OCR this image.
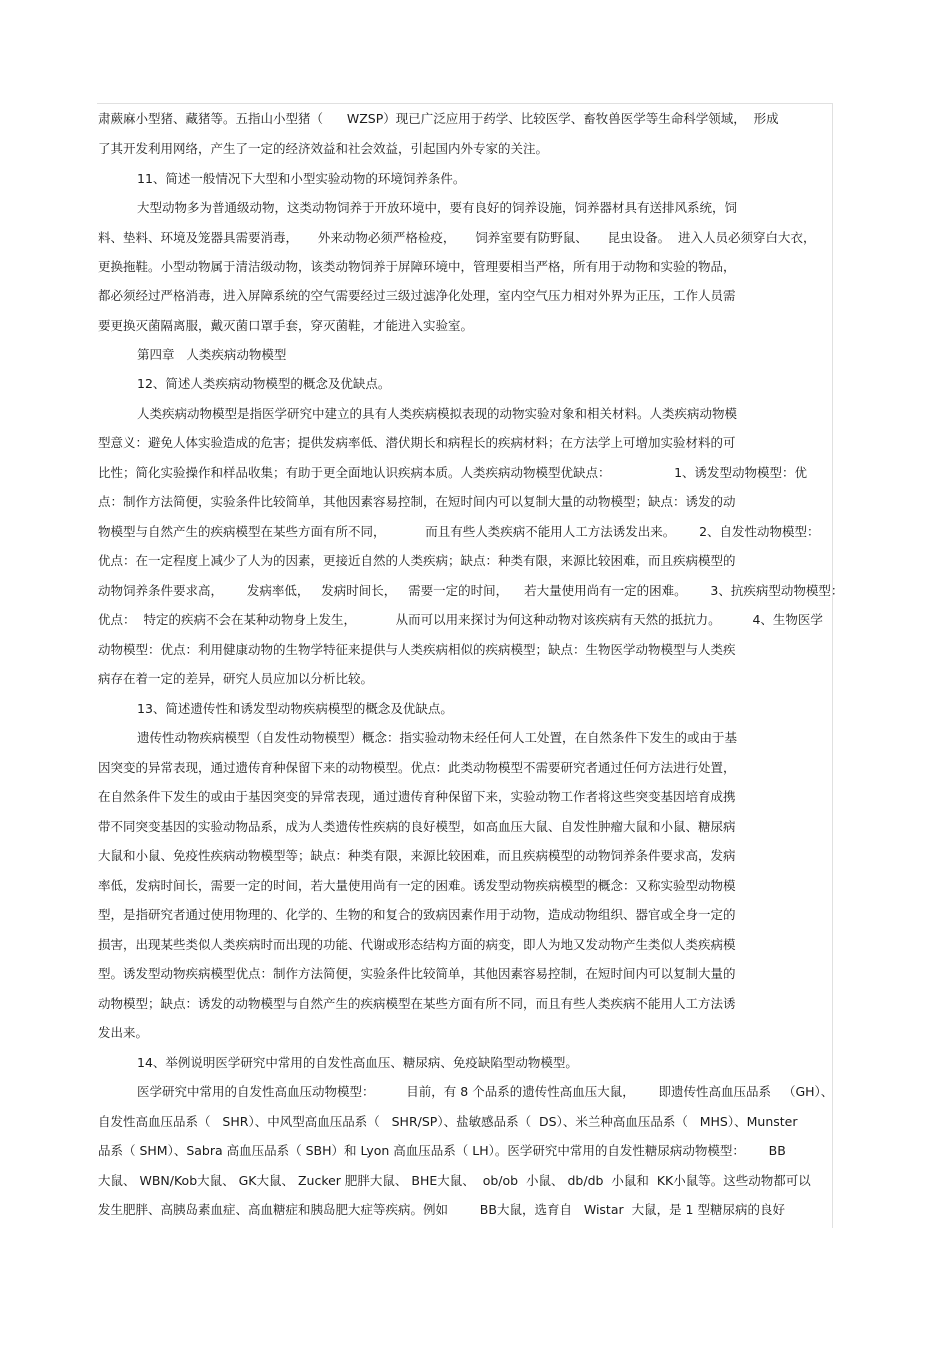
肃蕨麻小型猪、藏猪等。五指山小型猪（      WZSP）现已广泛应用于药学、比较医学、畜牧兽医学等生命科学领域，  形成
了其开发利用网络，产生了一定的经济效益和社会效益，引起国内外专家的关注。
11、简述一般情况下大型和小型实验动物的环境饲养条件。
大型动物多为普通级动物，这类动物饲养于开放环境中，要有良好的饲养设施，饲养器材具有送排风系统，饲
料、垫料、环境及笼器具需要消毒，     外来动物必须严格检疫，     饲养室要有防野鼠、     昆虫设备。  进入人员必须穿白大衣，
更换拖鞋。小型动物属于清洁级动物，该类动物饲养于屏障环境中，管理要相当严格，所有用于动物和实验的物品，
都必须经过严格消毒，进入屏障系统的空气需要经过三级过滤净化处理，室内空气压力相对外界为正压，工作人员需
要更换灭菌隔离服，戴灭菌口罩手套，穿灭菌鞋，才能进入实验室。
第四章   人类疾病动物模型
12、简述人类疾病动物模型的概念及优缺点。
人类疾病动物模型是指医学研究中建立的具有人类疾病模拟表现的动物实验对象和相关材料。人类疾病动物模
型意义：避免人体实验造成的危害；提供发病率低、潜伏期长和病程长的疾病材料；在方法学上可增加实验材料的可
比性；简化实验操作和样品收集；有助于更全面地认识疾病本质。人类疾病动物模型优缺点：                1、诱发型动物模型：优
点：制作方法简便，实验条件比较简单，其他因素容易控制，在短时间内可以复制大量的动物模型；缺点：诱发的动
物模型与自然产生的疾病模型在某些方面有所不同，          而且有些人类疾病不能用人工方法诱发出来。      2、自发性动物模型：
优点：在一定程度上减少了人为的因素，更接近自然的人类疾病；缺点：种类有限，来源比较困难，而且疾病模型的
动物饲养条件要求高，      发病率低，   发病时间长，   需要一定的时间，    若大量使用尚有一定的困难。      3、抗疾病型动物模型：
优点：  特定的疾病不会在某种动物身上发生，          从而可以用来探讨为何这种动物对该疾病有天然的抵抗力。        4、生物医学
动物模型：优点：利用健康动物的生物学特征来提供与人类疾病相似的疾病模型；缺点：生物医学动物模型与人类疾
病存在着一定的差异，研究人员应加以分析比较。
13、简述遗传性和诱发型动物疾病模型的概念及优缺点。
遗传性动物疾病模型（自发性动物模型）概念：指实验动物未经任何人工处置，在自然条件下发生的或由于基
因突变的异常表现，通过遗传育种保留下来的动物模型。优点：此类动物模型不需要研究者通过任何方法进行处置，
在自然条件下发生的或由于基因突变的异常表现，通过遗传育种保留下来，实验动物工作者将这些突变基因培育成携
带不同突变基因的实验动物品系，成为人类遗传性疾病的良好模型，如高血压大鼠、自发性肿瘤大鼠和小鼠、糖尿病
大鼠和小鼠、免疫性疾病动物模型等；缺点：种类有限，来源比较困难，而且疾病模型的动物饲养条件要求高，发病
率低，发病时间长，需要一定的时间，若大量使用尚有一定的困难。诱发型动物疾病模型的概念：又称实验型动物模
型，是指研究者通过使用物理的、化学的、生物的和复合的致病因素作用于动物，造成动物组织、器官或全身一定的
损害，出现某些类似人类疾病时而出现的功能、代谢或形态结构方面的病变，即人为地又发动物产生类似人类疾病模
型。诱发型动物疾病模型优点：制作方法简便，实验条件比较简单，其他因素容易控制，在短时间内可以复制大量的
动物模型；缺点：诱发的动物模型与自然产生的疾病模型在某些方面有所不同，而且有些人类疾病不能用人工方法诱
发出来。
14、举例说明医学研究中常用的自发性高血压、糖尿病、免疫缺陷型动物模型。
医学研究中常用的自发性高血压动物模型：        目前，有 8 个品系的遗传性高血压大鼠，      即遗传性高血压品系   （GH）、
自发性高血压品系（   SHR）、中风型高血压品系（   SHR/SP）、盐敏感品系（  DS）、米兰种高血压品系（   MHS）、Munster
品系（ SHM）、Sabra 高血压品系（ SBH）和 Lyon 高血压品系（ LH）。医学研究中常用的自发性糖尿病动物模型：      BB
大鼠、 WBN/Kob大鼠、 GK大鼠、 Zucker 肥胖大鼠、 BHE大鼠、  ob/ob  小鼠、 db/db  小鼠和  KK小鼠等。这些动物都可以
发生肥胖、高胰岛素血症、高血糖症和胰岛肥大症等疾病。例如        BB大鼠，选育自   Wistar  大鼠，是 1 型糖尿病的良好
